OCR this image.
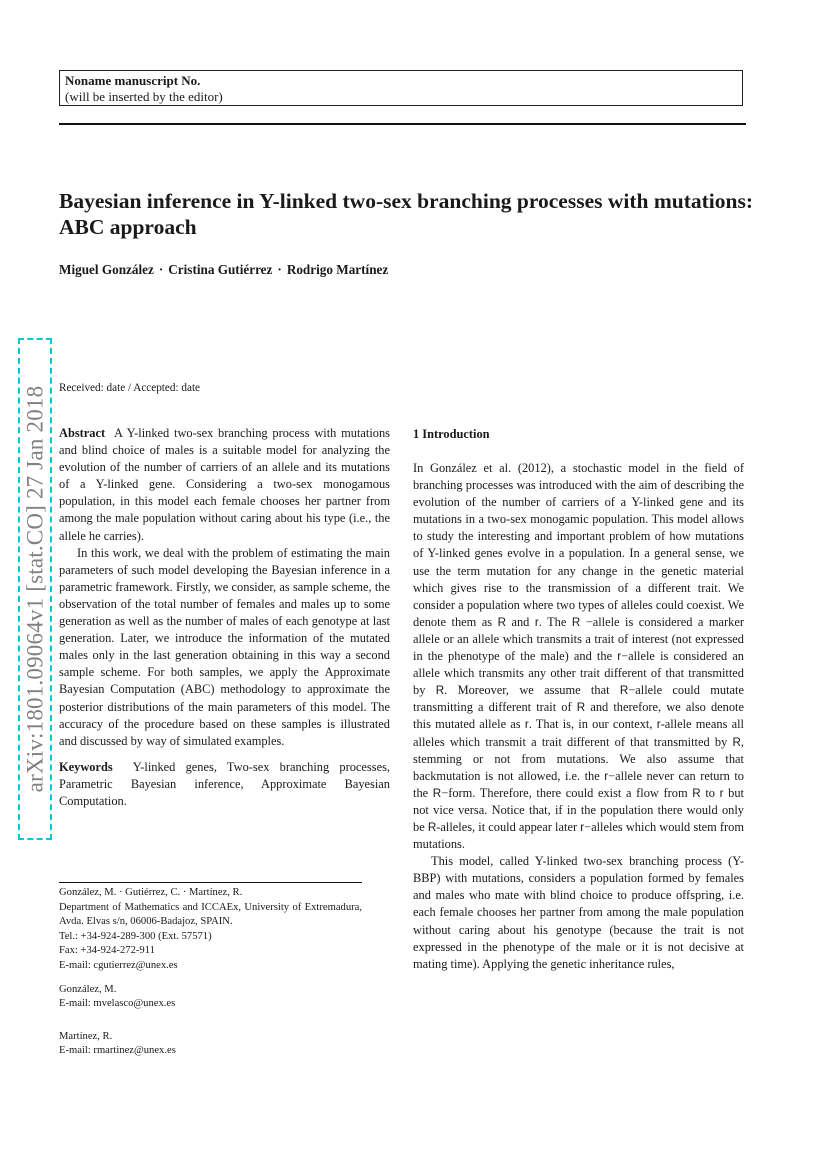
Noname manuscript No.
(will be inserted by the editor)
Bayesian inference in Y-linked two-sex branching processes with mutations: ABC approach
Miguel González · Cristina Gutiérrez · Rodrigo Martínez
arXiv:1801.09064v1 [stat.CO] 27 Jan 2018 Received: date / Accepted: date

Abstract A Y-linked two-sex branching process with mutations and blind choice of males is a suitable model for analyzing the evolution of the number of carriers of an allele and its mutations of a Y-linked gene. Considering a two-sex monogamous population, in this model each female chooses her partner from among the male population without caring about his type (i.e., the allele he carries).

In this work, we deal with the problem of estimating the main parameters of such model developing the Bayesian inference in a parametric framework. Firstly, we consider, as sample scheme, the observation of the total number of females and males up to some generation as well as the number of males of each genotype at last generation. Later, we introduce the information of the mutated males only in the last generation obtaining in this way a second sample scheme. For both samples, we apply the Approximate Bayesian Computation (ABC) methodology to approximate the posterior distributions of the main parameters of this model. The accuracy of the procedure based on these samples is illustrated and discussed by way of simulated examples.

Keywords Y-linked genes, Two-sex branching processes, Parametric Bayesian inference, Approximate Bayesian Computation.

González, M. · Gutiérrez, C. · Martínez, R.

Department of Mathematics and ICCAEx, University of Extremadura, Avda. Elvas s/n, 06006-Badajoz, SPAIN.

Tel.: +34-924-289-300 (Ext. 57571)

Fax: +34-924-272-911

E-mail: cgutierrez@unex.es

González, M.

E-mail: mvelasco@unex.es

Martínez, R.

E-mail: rmartinez@unex.es

1 Introduction

In González et al. (2012), a stochastic model in the field of branching processes was introduced with the aim of describing the evolution of the number of carriers of a Y-linked gene and its mutations in a two-sex monogamic population. This model allows to study the interesting and important problem of how mutations of Y-linked genes evolve in a population. In a general sense, we use the term mutation for any change in the genetic material which gives rise to the transmission of a different trait. We consider a population where two types of alleles could coexist. We denote them as R and r. The R −allele is considered a marker allele or an allele which transmits a trait of interest (not expressed in the phenotype of the male) and the r−allele is considered an allele which transmits any other trait different of that transmitted by R. Moreover, we assume that R−allele could mutate transmitting a different trait of R and therefore, we also denote this mutated allele as r. That is, in our context, r-allele means all alleles which transmit a trait different of that transmitted by R, stemming or not from mutations. We also assume that backmutation is not allowed, i.e. the r−allele never can return to the R−form. Therefore, there could exist a flow from R to r but not vice versa. Notice that, if in the population there would only be R-alleles, it could appear later r−alleles which would stem from mutations.

This model, called Y-linked two-sex branching process (Y-BBP) with mutations, considers a population formed by females and males who mate with blind choice to produce offspring, i.e. each female chooses her partner from among the male population without caring about his genotype (because the trait is not expressed in the phenotype of the male or it is not decisive at mating time). Applying the genetic inheritance rules,
